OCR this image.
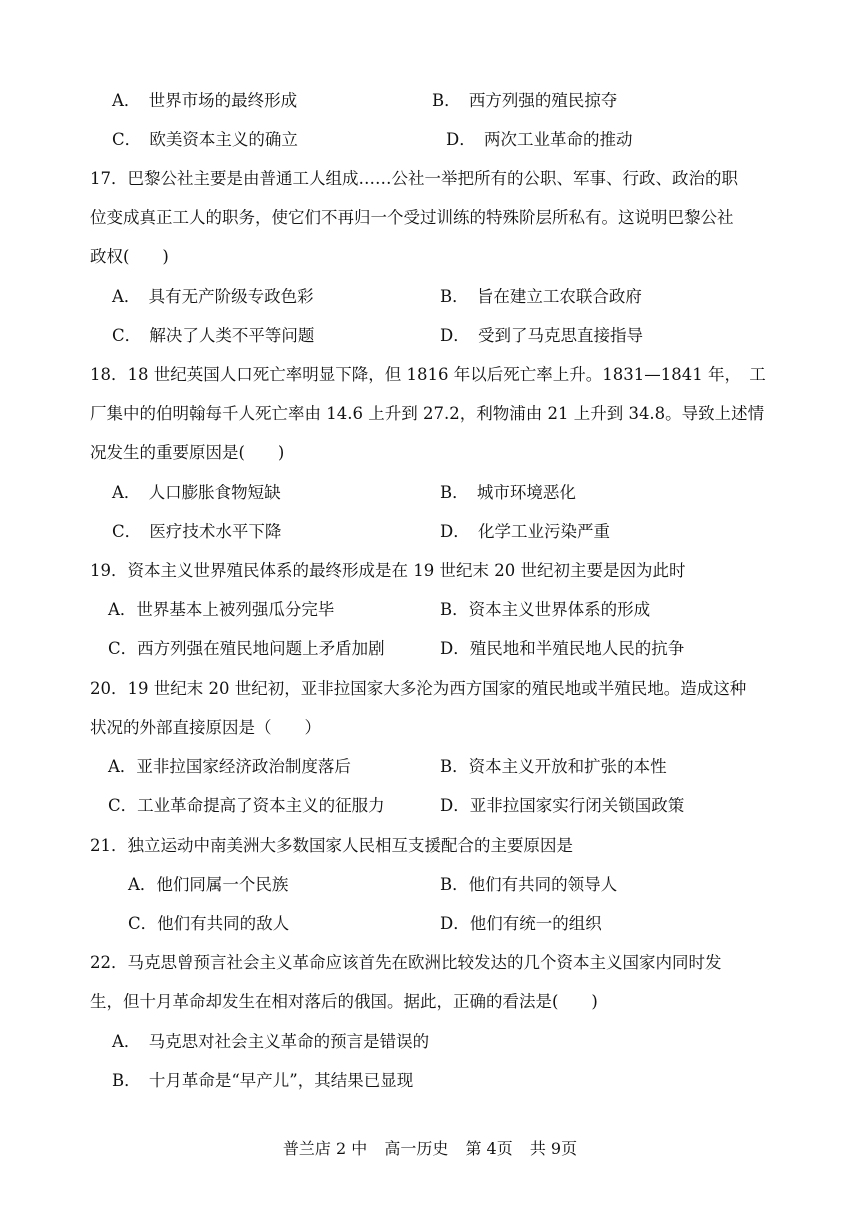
A．　世界市场的最终形成	B．　西方列强的殖民掠夺
C．　欧美资本主义的确立	D．　两次工业革命的推动
17．巴黎公社主要是由普通工人组成……公社一举把所有的公职、军事、行政、政治的职
位变成真正工人的职务，使它们不再归一个受过训练的特殊阶层所私有。这说明巴黎公社
政权(　　)
A．　具有无产阶级专政色彩	B．　旨在建立工农联合政府
C．　解决了人类不平等问题	D．　受到了马克思直接指导
18．18 世纪英国人口死亡率明显下降，但 1816 年以后死亡率上升。1831—1841 年，　工
厂集中的伯明翰每千人死亡率由 14.6 上升到 27.2，利物浦由 21 上升到 34.8。导致上述情
况发生的重要原因是(　　)
A．　人口膨胀食物短缺	B．　城市环境恶化
C．　医疗技术水平下降	D．　化学工业污染严重
19．资本主义世界殖民体系的最终形成是在 19 世纪末 20 世纪初主要是因为此时
A．世界基本上被列强瓜分完毕	B．资本主义世界体系的形成
C．西方列强在殖民地问题上矛盾加剧	D．殖民地和半殖民地人民的抗争
20．19 世纪末 20 世纪初，亚非拉国家大多沦为西方国家的殖民地或半殖民地。造成这种
状况的外部直接原因是（　　）
A．亚非拉国家经济政治制度落后	B．资本主义开放和扩张的本性
C．工业革命提高了资本主义的征服力	D．亚非拉国家实行闭关锁国政策
21．独立运动中南美洲大多数国家人民相互支援配合的主要原因是
A．他们同属一个民族	B．他们有共同的领导人
C．他们有共同的敌人	D．他们有统一的组织
22．马克思曾预言社会主义革命应该首先在欧洲比较发达的几个资本主义国家内同时发
生，但十月革命却发生在相对落后的俄国。据此，正确的看法是(　　)
A．　马克思对社会主义革命的预言是错误的
B．　十月革命是“早产儿”，其结果已显现
普兰店 2 中 高一历史 第 4页 共 9页
